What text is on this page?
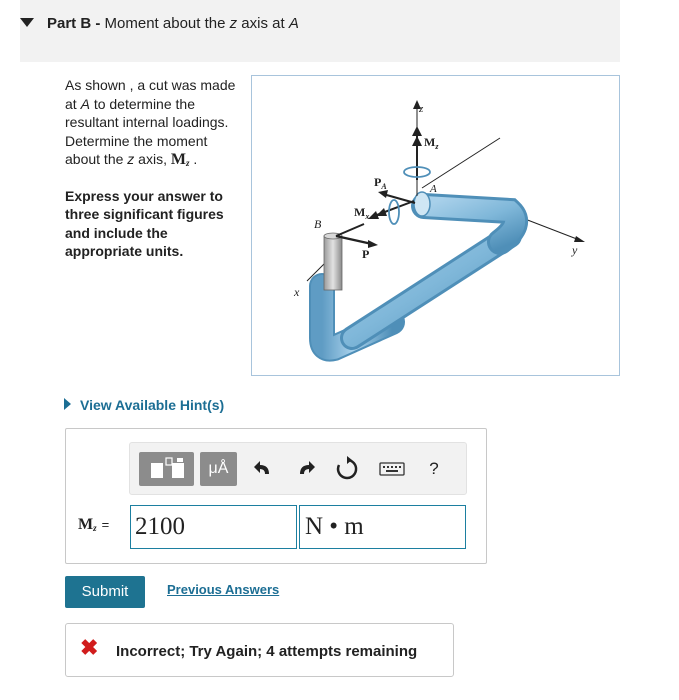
Part B - Moment about the z axis at A
As shown , a cut was made at A to determine the resultant internal loadings. Determine the moment about the z axis, $M_z$ .
Express your answer to three significant figures and include the appropriate units.
z
$M_z$
$P_A$	A
$M_x$
B
P	y
x
View Available Hint(s)
μÅ	?
$M_z = 2100$	N • m
Submit	Previous Answers
✖ Incorrect; Try Again; 4 attempts remaining
